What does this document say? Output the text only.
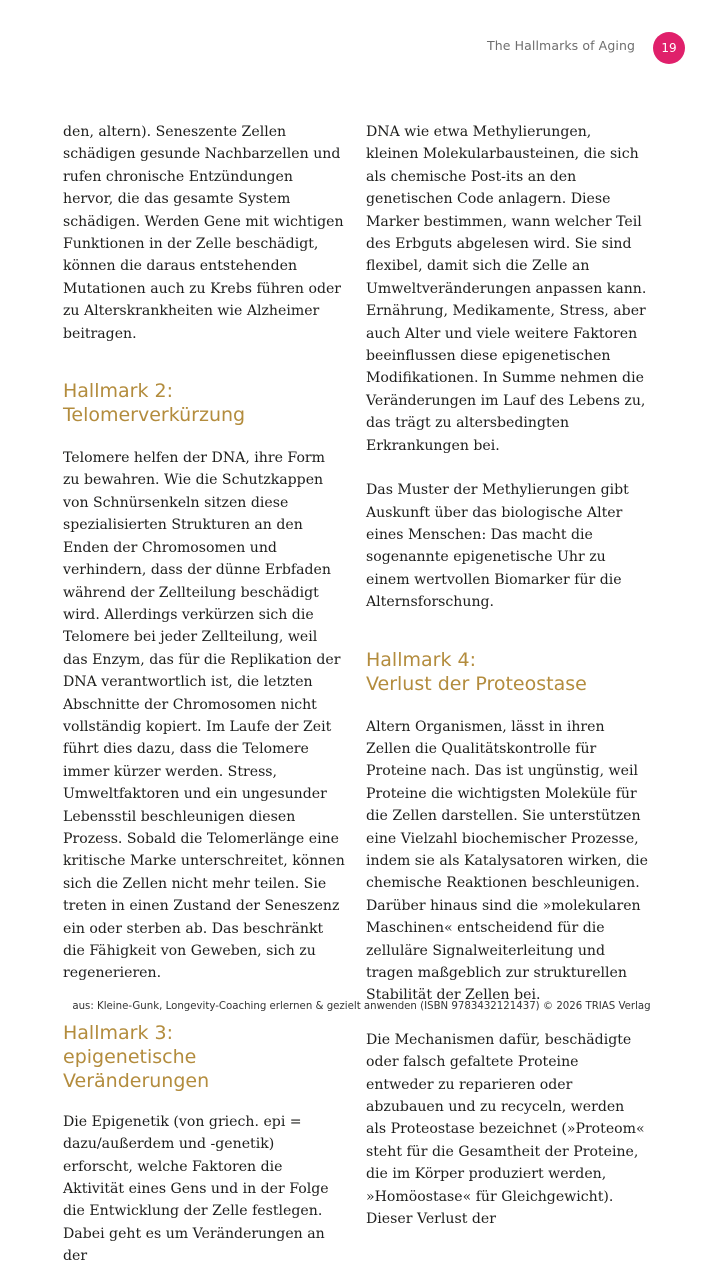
The Hallmarks of Aging	19

den, altern). Seneszente Zellen schädigen gesunde Nachbarzellen und rufen chronische Entzündungen hervor, die das gesamte System schädigen. Werden Gene mit wichtigen Funktionen in der Zelle beschädigt, können die daraus entstehenden Mutationen auch zu Krebs führen oder zu Alterskrankheiten wie Alzheimer beitragen.

Hallmark 2:
Telomerverkürzung

Telomere helfen der DNA, ihre Form zu bewahren. Wie die Schutzkappen von Schnürsenkeln sitzen diese spezialisierten Strukturen an den Enden der Chromosomen und verhindern, dass der dünne Erbfaden während der Zellteilung beschädigt wird. Allerdings verkürzen sich die Telomere bei jeder Zellteilung, weil das Enzym, das für die Replikation der DNA verantwortlich ist, die letzten Abschnitte der Chromosomen nicht vollständig kopiert. Im Laufe der Zeit führt dies dazu, dass die Telomere immer kürzer werden. Stress, Umweltfaktoren und ein ungesunder Lebensstil beschleunigen diesen Prozess. Sobald die Telomerlänge eine kritische Marke unterschreitet, können sich die Zellen nicht mehr teilen. Sie treten in einen Zustand der Seneszenz ein oder sterben ab. Das beschränkt die Fähigkeit von Geweben, sich zu regenerieren.

Hallmark 3:
epigenetische Veränderungen

Die Epigenetik (von griech. epi = dazu/außerdem und -genetik) erforscht, welche Faktoren die Aktivität eines Gens und in der Folge die Entwicklung der Zelle festlegen. Dabei geht es um Veränderungen an der

DNA wie etwa Methylierungen, kleinen Molekularbausteinen, die sich als chemische Post-its an den genetischen Code anlagern. Diese Marker bestimmen, wann welcher Teil des Erbguts abgelesen wird. Sie sind flexibel, damit sich die Zelle an Umweltveränderungen anpassen kann. Ernährung, Medikamente, Stress, aber auch Alter und viele weitere Faktoren beeinflussen diese epigenetischen Modifikationen. In Summe nehmen die Veränderungen im Lauf des Lebens zu, das trägt zu altersbedingten Erkrankungen bei.

Das Muster der Methylierungen gibt Auskunft über das biologische Alter eines Menschen: Das macht die sogenannte epigenetische Uhr zu einem wertvollen Biomarker für die Alternsforschung.

Hallmark 4:
Verlust der Proteostase

Altern Organismen, lässt in ihren Zellen die Qualitätskontrolle für Proteine nach. Das ist ungünstig, weil Proteine die wichtigsten Moleküle für die Zellen darstellen. Sie unterstützen eine Vielzahl biochemischer Prozesse, indem sie als Katalysatoren wirken, die chemische Reaktionen beschleunigen. Darüber hinaus sind die »molekularen Maschinen« entscheidend für die zelluläre Signalweiterleitung und tragen maßgeblich zur strukturellen Stabilität der Zellen bei.

Die Mechanismen dafür, beschädigte oder falsch gefaltete Proteine entweder zu reparieren oder abzubauen und zu recyceln, werden als Proteostase bezeichnet (»Proteom« steht für die Gesamtheit der Proteine, die im Körper produziert werden, »Homöostase« für Gleichgewicht). Dieser Verlust der

aus: Kleine-Gunk, Longevity-Coaching erlernen & gezielt anwenden (ISBN 9783432121437) © 2026 TRIAS Verlag
